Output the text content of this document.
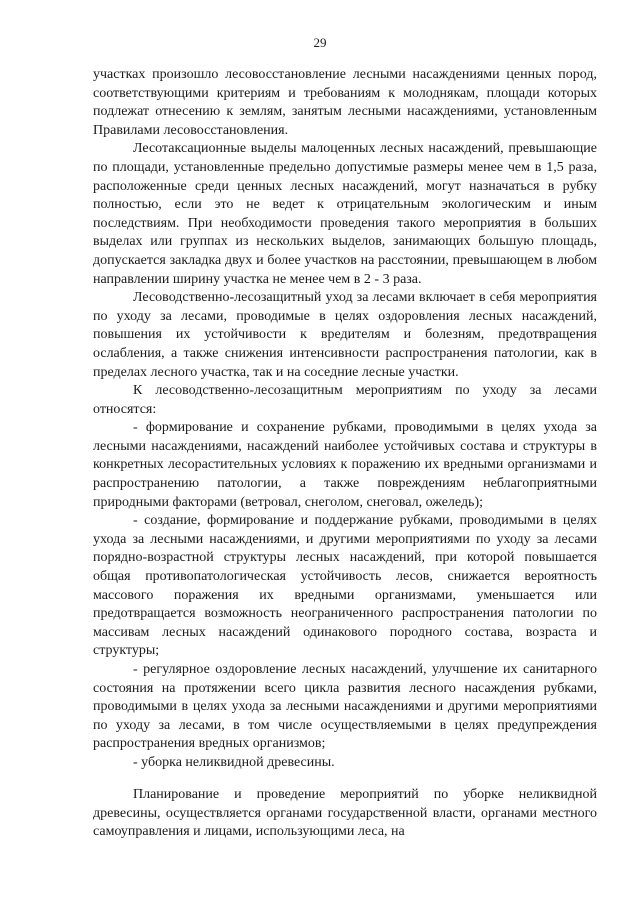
29

участках произошло лесовосстановление лесными насаждениями ценных пород, соответствующими критериям и требованиям к молоднякам, площади которых подлежат отнесению к землям, занятым лесными насаждениями, установленным Правилами лесовосстановления.

Лесотаксационные выделы малоценных лесных насаждений, превышающие по площади, установленные предельно допустимые размеры менее чем в 1,5 раза, расположенные среди ценных лесных насаждений, могут назначаться в рубку полностью, если это не ведет к отрицательным экологическим и иным последствиям. При необходимости проведения такого мероприятия в больших выделах или группах из нескольких выделов, занимающих большую площадь, допускается закладка двух и более участков на расстоянии, превышающем в любом направлении ширину участка не менее чем в 2 - 3 раза.

Лесоводственно-лесозащитный уход за лесами включает в себя мероприятия по уходу за лесами, проводимые в целях оздоровления лесных насаждений, повышения их устойчивости к вредителям и болезням, предотвращения ослабления, а также снижения интенсивности распространения патологии, как в пределах лесного участка, так и на соседние лесные участки.

К лесоводственно-лесозащитным мероприятиям по уходу за лесами относятся:

- формирование и сохранение рубками, проводимыми в целях ухода за лесными насаждениями, насаждений наиболее устойчивых состава и структуры в конкретных лесорастительных условиях к поражению их вредными организмами и распространению патологии, а также повреждениям неблагоприятными природными факторами (ветровал, снеголом, снеговал, ожеледь);

- создание, формирование и поддержание рубками, проводимыми в целях ухода за лесными насаждениями, и другими мероприятиями по уходу за лесами порядно-возрастной структуры лесных насаждений, при которой повышается общая противопатологическая устойчивость лесов, снижается вероятность массового поражения их вредными организмами, уменьшается или предотвращается возможность неограниченного распространения патологии по массивам лесных насаждений одинакового породного состава, возраста и структуры;

- регулярное оздоровление лесных насаждений, улучшение их санитарного состояния на протяжении всего цикла развития лесного насаждения рубками, проводимыми в целях ухода за лесными насаждениями и другими мероприятиями по уходу за лесами, в том числе осуществляемыми в целях предупреждения распространения вредных организмов;

- уборка неликвидной древесины.

Планирование и проведение мероприятий по уборке неликвидной древесины, осуществляется органами государственной власти, органами местного самоуправления и лицами, использующими леса, на
